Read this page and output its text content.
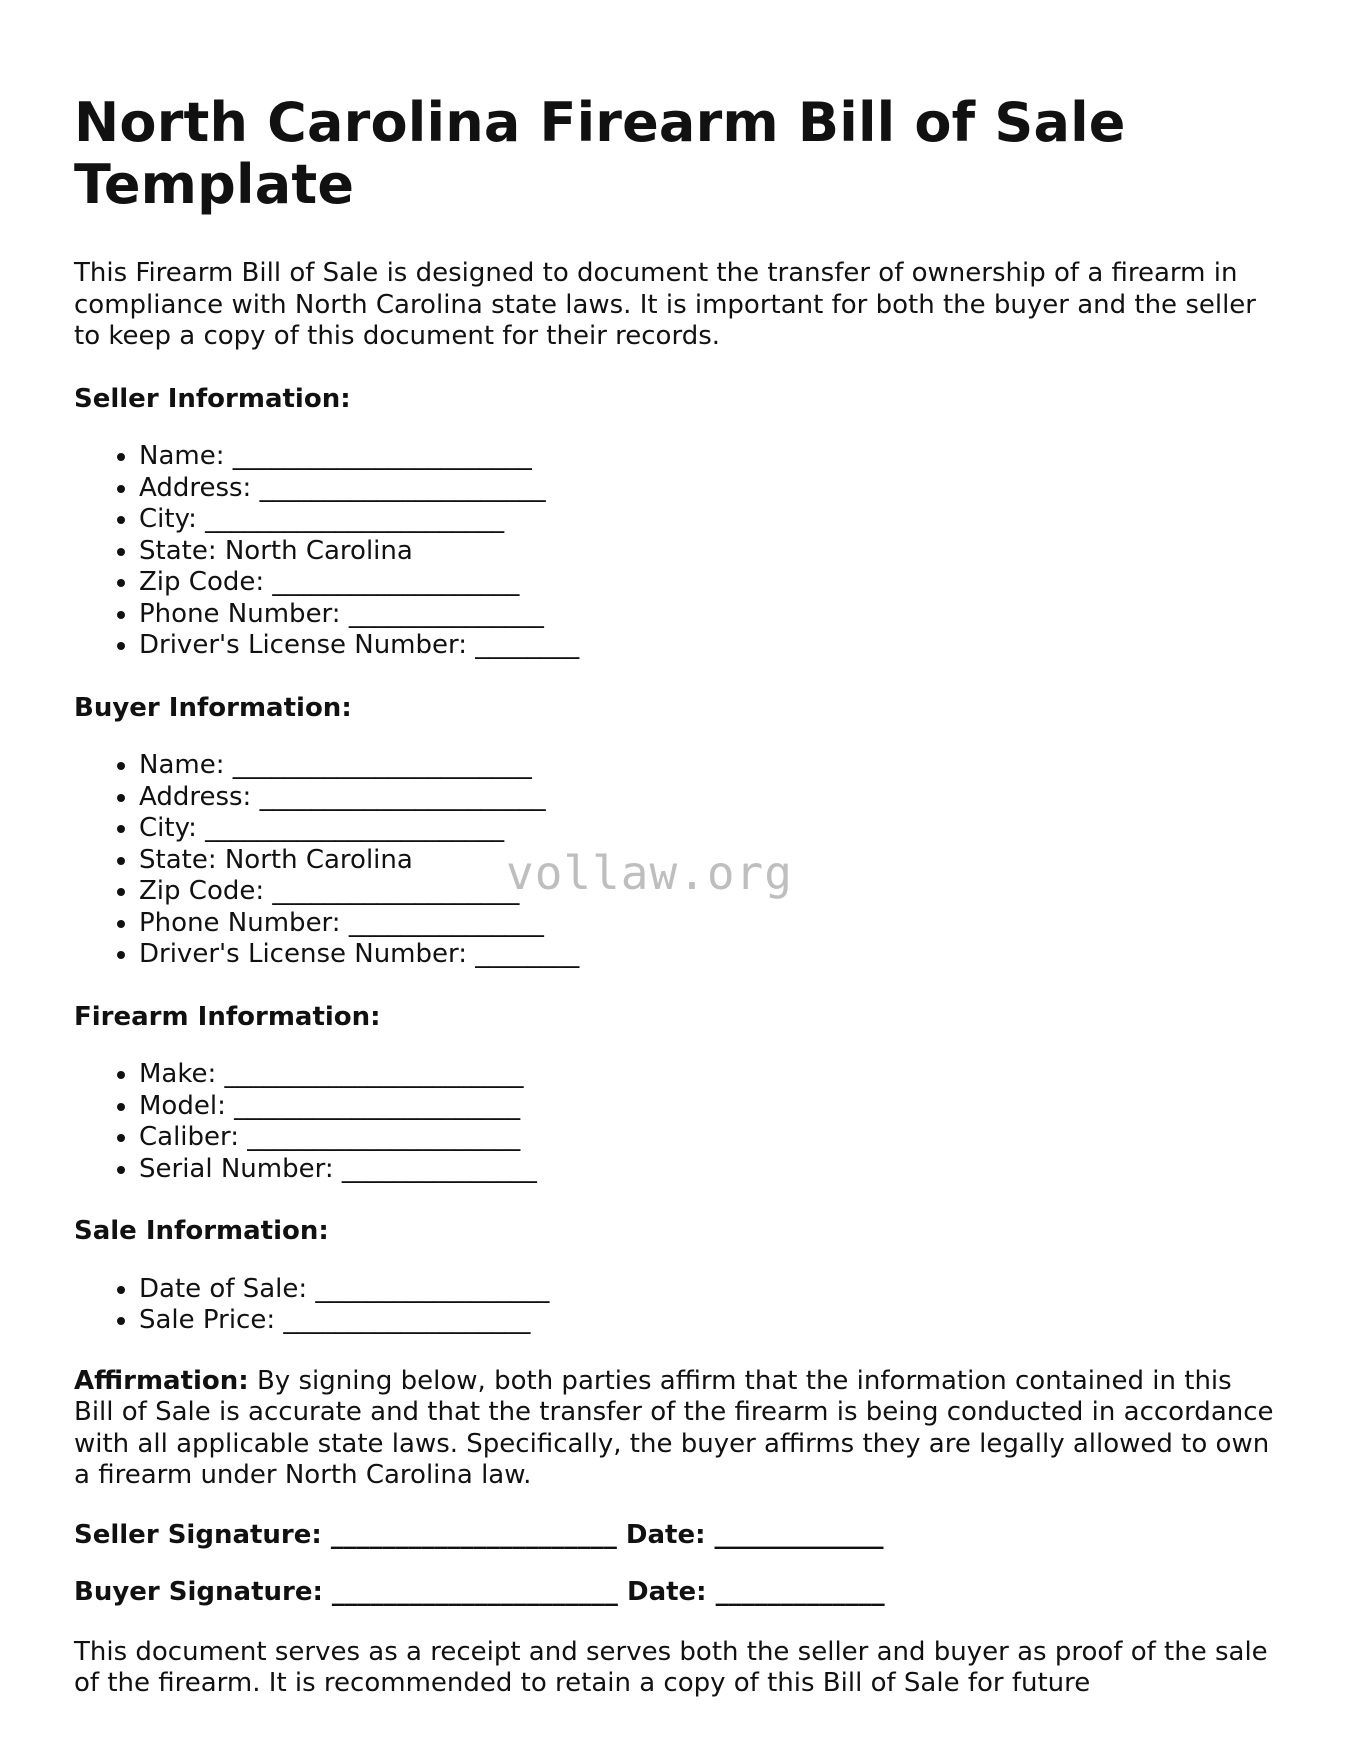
North Carolina Firearm Bill of Sale Template

This Firearm Bill of Sale is designed to document the transfer of ownership of a firearm in compliance with North Carolina state laws. It is important for both the buyer and the seller to keep a copy of this document for their records.

Seller Information:
• Name: _______________________
• Address: ______________________
• City: _______________________
• State: North Carolina
• Zip Code: ___________________
• Phone Number: _______________
• Driver's License Number: ________
Buyer Information:
• Name: _______________________
• Address: ______________________
• City: _______________________
• State: North Carolina
• Zip Code: ___________________
• Phone Number: _______________
• Driver's License Number: ________
Firearm Information:
• Make: _______________________
• Model: ______________________
• Caliber: _____________________
• Serial Number: _______________
Sale Information:
• Date of Sale: __________________
• Sale Price: ___________________

Affirmation: By signing below, both parties affirm that the information contained in this Bill of Sale is accurate and that the transfer of the firearm is being conducted in accordance with all applicable state laws. Specifically, the buyer affirms they are legally allowed to own a firearm under North Carolina law.

Seller Signature: ______________________ Date: _____________
Buyer Signature: ______________________ Date: _____________

This document serves as a receipt and serves both the seller and buyer as proof of the sale of the firearm. It is recommended to retain a copy of this Bill of Sale for future

vollaw.org
